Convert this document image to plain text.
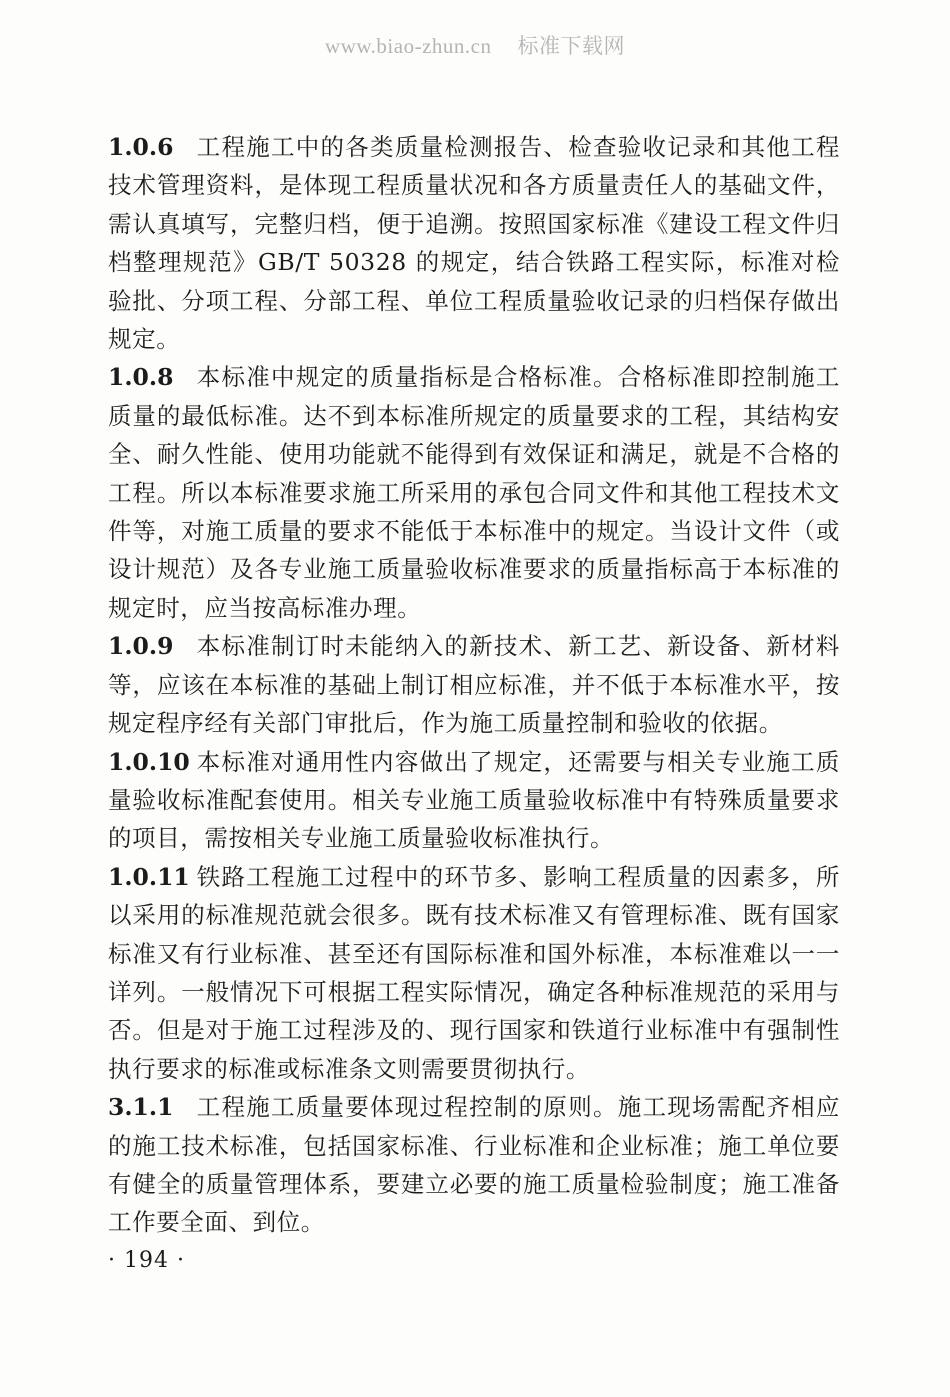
www.biao-zhun.cn 标准下载网

1.0.6 工程施工中的各类质量检测报告、检查验收记录和其他工程技术管理资料，是体现工程质量状况和各方质量责任人的基础文件，需认真填写，完整归档，便于追溯。按照国家标准《建设工程文件归档整理规范》GB/T 50328 的规定，结合铁路工程实际，标准对检验批、分项工程、分部工程、单位工程质量验收记录的归档保存做出规定。

1.0.8 本标准中规定的质量指标是合格标准。合格标准即控制施工质量的最低标准。达不到本标准所规定的质量要求的工程，其结构安全、耐久性能、使用功能就不能得到有效保证和满足，就是不合格的工程。所以本标准要求施工所采用的承包合同文件和其他工程技术文件等，对施工质量的要求不能低于本标准中的规定。当设计文件（或设计规范）及各专业施工质量验收标准要求的质量指标高于本标准的规定时，应当按高标准办理。

1.0.9 本标准制订时未能纳入的新技术、新工艺、新设备、新材料等，应该在本标准的基础上制订相应标准，并不低于本标准水平，按规定程序经有关部门审批后，作为施工质量控制和验收的依据。

1.0.10 本标准对通用性内容做出了规定，还需要与相关专业施工质量验收标准配套使用。相关专业施工质量验收标准中有特殊质量要求的项目，需按相关专业施工质量验收标准执行。

1.0.11 铁路工程施工过程中的环节多、影响工程质量的因素多，所以采用的标准规范就会很多。既有技术标准又有管理标准、既有国家标准又有行业标准、甚至还有国际标准和国外标准，本标准难以一一详列。一般情况下可根据工程实际情况，确定各种标准规范的采用与否。但是对于施工过程涉及的、现行国家和铁道行业标准中有强制性执行要求的标准或标准条文则需要贯彻执行。

3.1.1 工程施工质量要体现过程控制的原则。施工现场需配齐相应的施工技术标准，包括国家标准、行业标准和企业标准；施工单位要有健全的质量管理体系，要建立必要的施工质量检验制度；施工准备工作要全面、到位。

· 194 ·
